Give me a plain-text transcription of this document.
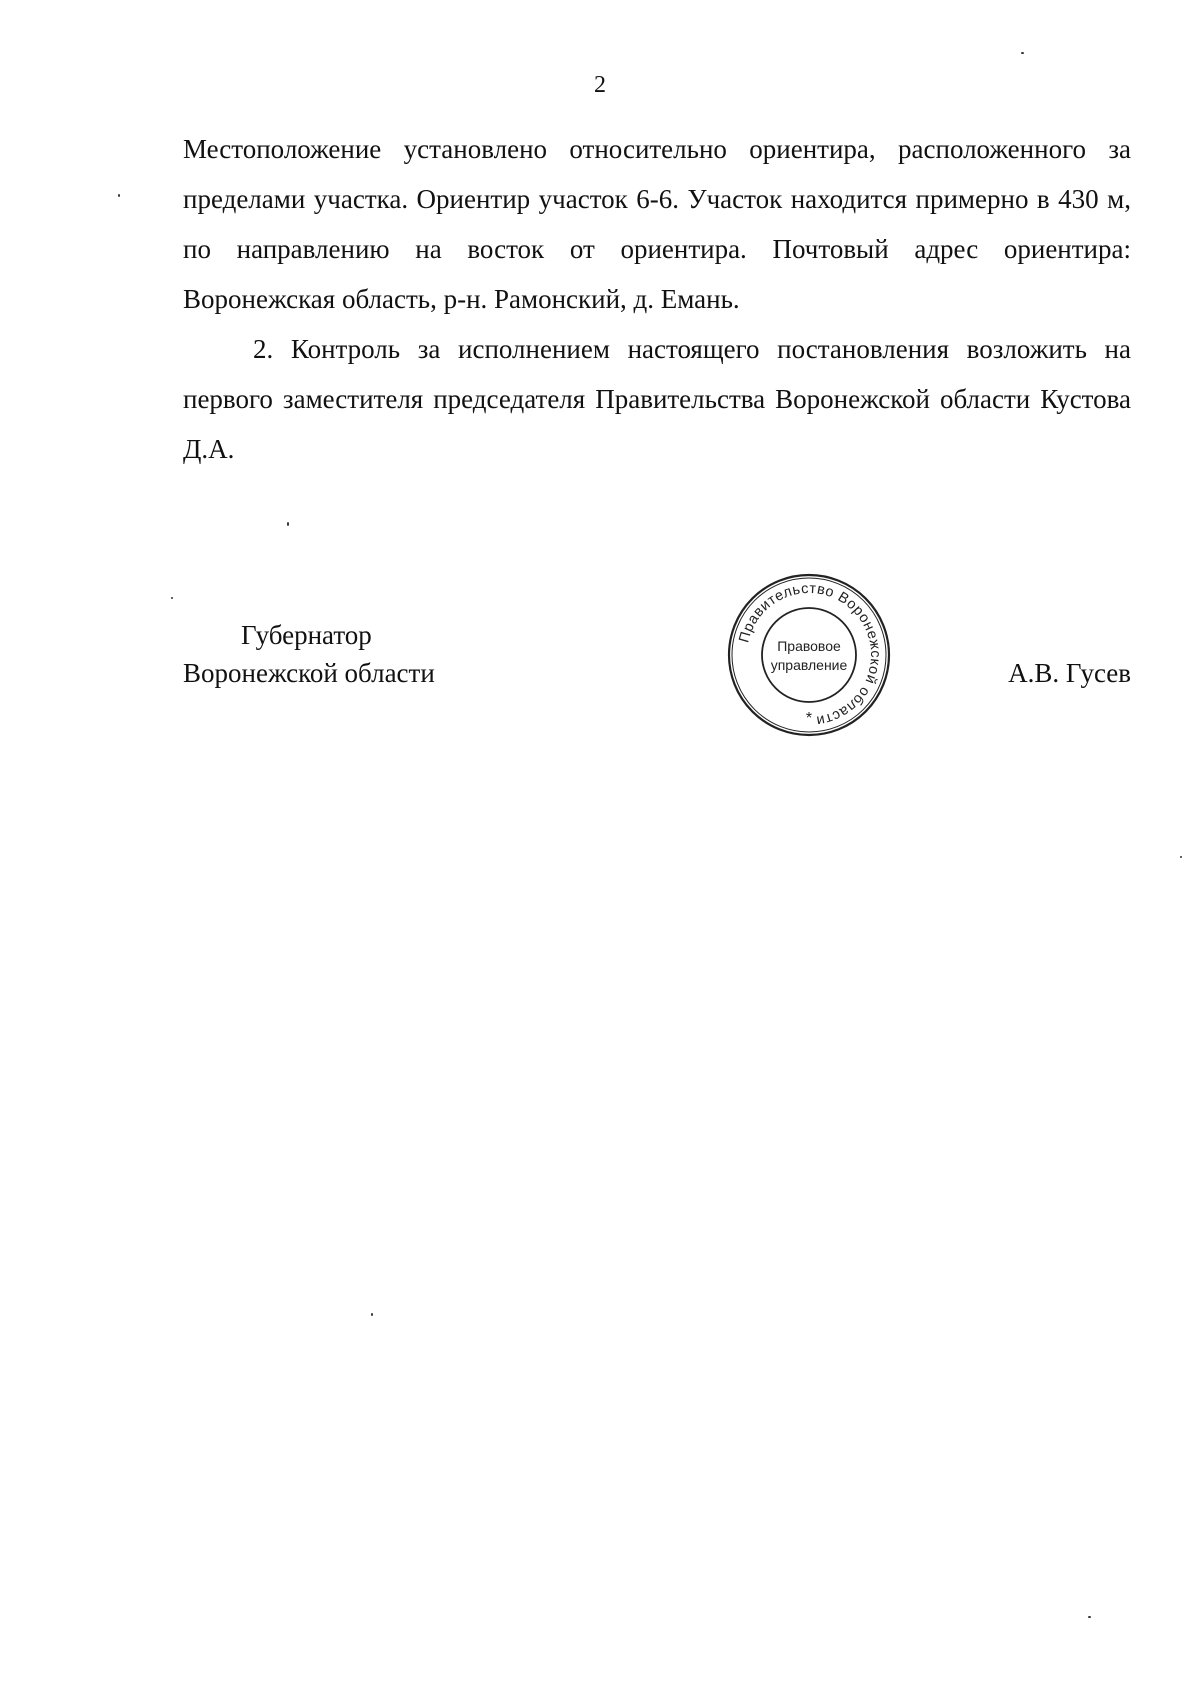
2

Местоположение установлено относительно ориентира, расположенного за пределами участка. Ориентир участок 6-6. Участок находится примерно в 430 м, по направлению на восток от ориентира. Почтовый адрес ориентира: Воронежская область, р-н. Рамонский, д. Емань.

2. Контроль за исполнением настоящего постановления возложить на первого заместителя председателя Правительства Воронежской области Кустова Д.А.

Губернатор
Воронежской области
Правительство Воронежской области
Правовое
управление
*
А.В. Гусев
